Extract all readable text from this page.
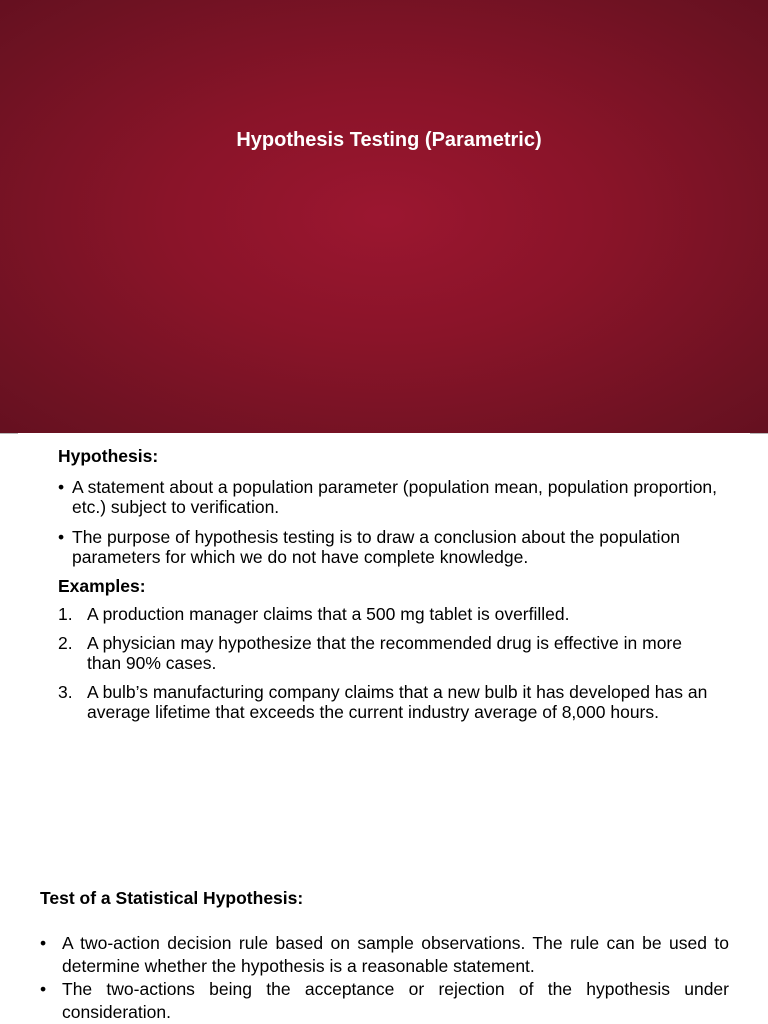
Hypothesis Testing (Parametric)
Hypothesis:
• A statement about a population parameter (population mean, population proportion, etc.) subject to verification.
• The purpose of hypothesis testing is to draw a conclusion about the population parameters for which we do not have complete knowledge.
Examples:
1. A production manager claims that a 500 mg tablet is overfilled.
2. A physician may hypothesize that the recommended drug is effective in more than 90% cases.
3. A bulb’s manufacturing company claims that a new bulb it has developed has an average lifetime that exceeds the current industry average of 8,000 hours.
Test of a Statistical Hypothesis:
• A two-action decision rule based on sample observations. The rule can be used to determine whether the hypothesis is a reasonable statement.
• The two-actions being the acceptance or rejection of the hypothesis under consideration.
